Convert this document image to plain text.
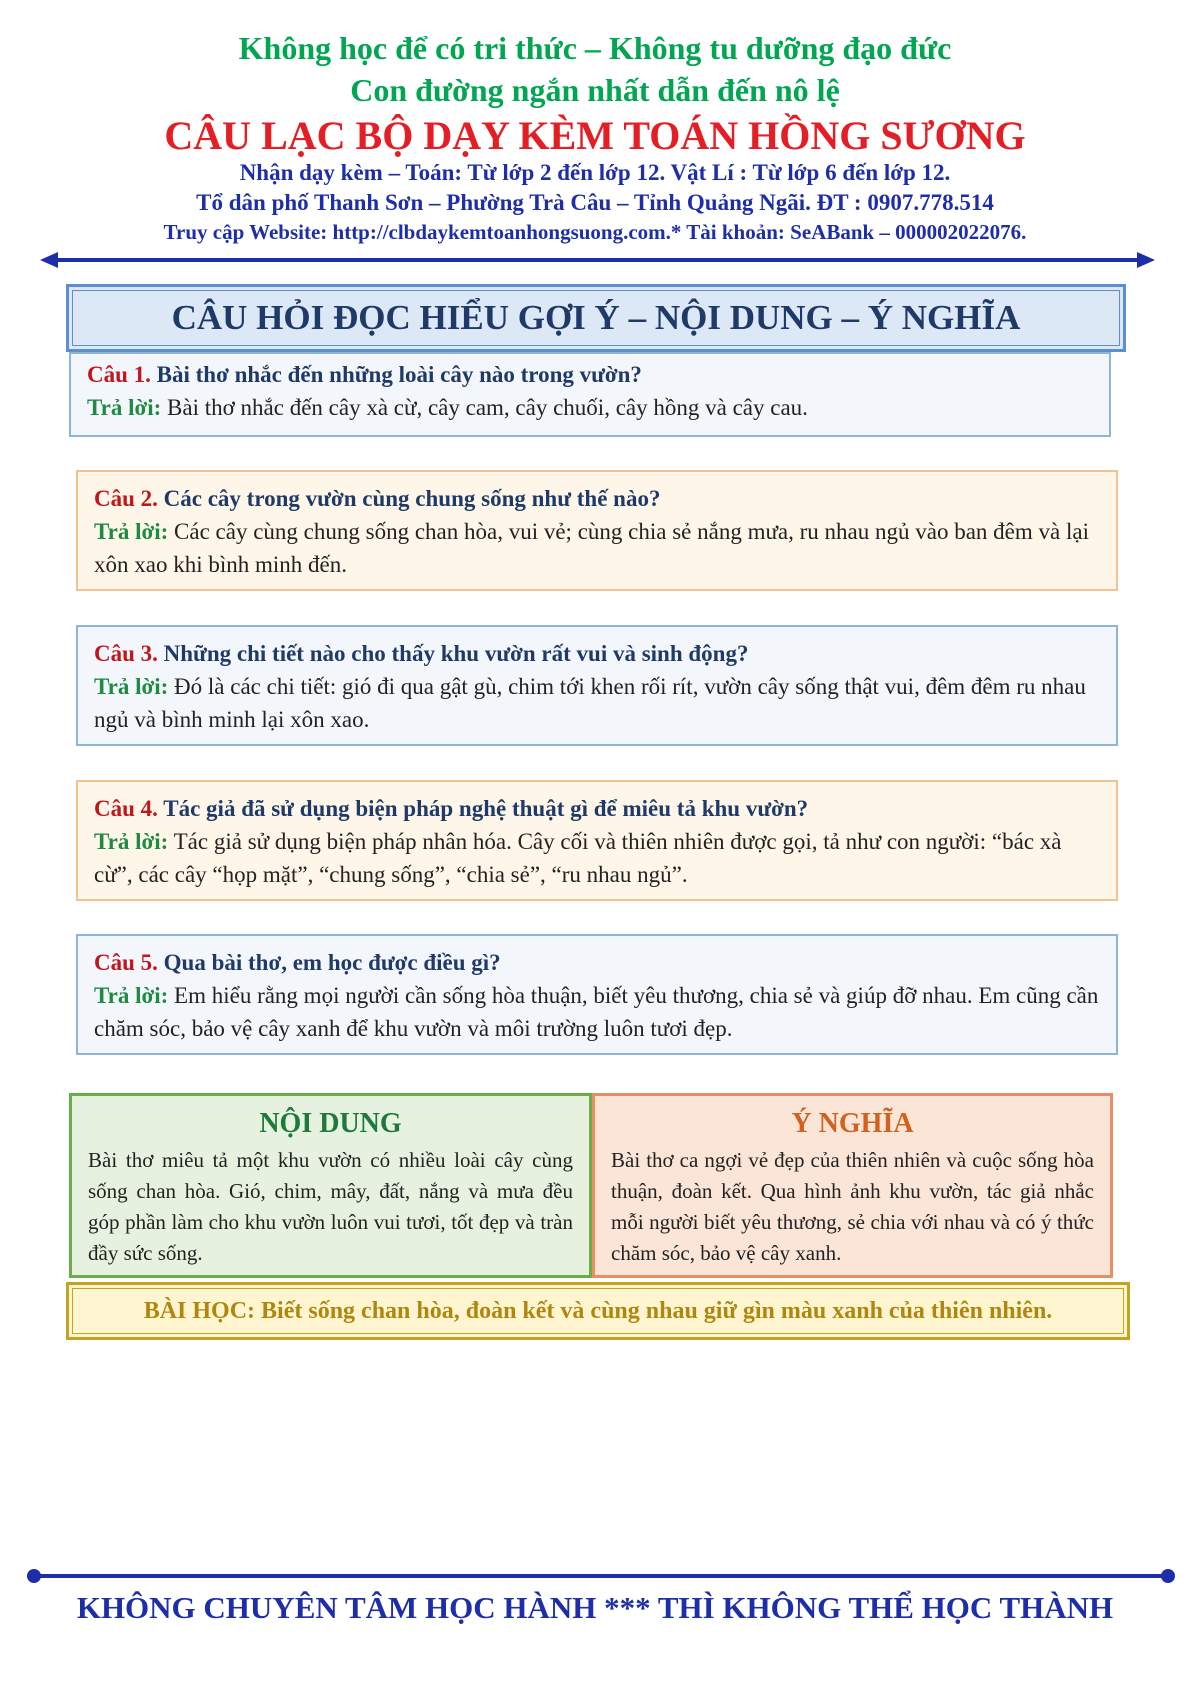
Không học để có tri thức – Không tu dưỡng đạo đức
Con đường ngắn nhất dẫn đến nô lệ
CÂU LẠC BỘ DẠY KÈM TOÁN HỒNG SƯƠNG
Nhận dạy kèm – Toán: Từ lớp 2 đến lớp 12. Vật Lí : Từ lớp 6 đến lớp 12.
Tổ dân phố Thanh Sơn – Phường Trà Câu – Tỉnh Quảng Ngãi. ĐT : 0907.778.514
Truy cập Website: http://clbdaykemtoanhongsuong.com.* Tài khoản: SeABank – 000002022076.
CÂU HỎI ĐỌC HIỂU GỢI Ý – NỘI DUNG – Ý NGHĨA
Câu 1. Bài thơ nhắc đến những loài cây nào trong vườn?
Trả lời: Bài thơ nhắc đến cây xà cừ, cây cam, cây chuối, cây hồng và cây cau.
Câu 2. Các cây trong vườn cùng chung sống như thế nào?
Trả lời: Các cây cùng chung sống chan hòa, vui vẻ; cùng chia sẻ nắng mưa, ru nhau ngủ vào ban đêm và lại xôn xao khi bình minh đến.
Câu 3. Những chi tiết nào cho thấy khu vườn rất vui và sinh động?
Trả lời: Đó là các chi tiết: gió đi qua gật gù, chim tới khen rối rít, vườn cây sống thật vui, đêm đêm ru nhau ngủ và bình minh lại xôn xao.
Câu 4. Tác giả đã sử dụng biện pháp nghệ thuật gì để miêu tả khu vườn?
Trả lời: Tác giả sử dụng biện pháp nhân hóa. Cây cối và thiên nhiên được gọi, tả như con người: “bác xà cừ”, các cây “họp mặt”, “chung sống”, “chia sẻ”, “ru nhau ngủ”.
Câu 5. Qua bài thơ, em học được điều gì?
Trả lời: Em hiểu rằng mọi người cần sống hòa thuận, biết yêu thương, chia sẻ và giúp đỡ nhau. Em cũng cần chăm sóc, bảo vệ cây xanh để khu vườn và môi trường luôn tươi đẹp.
NỘI DUNG
Bài thơ miêu tả một khu vườn có nhiều loài cây cùng sống chan hòa. Gió, chim, mây, đất, nắng và mưa đều góp phần làm cho khu vườn luôn vui tươi, tốt đẹp và tràn đầy sức sống.
Ý NGHĨA
Bài thơ ca ngợi vẻ đẹp của thiên nhiên và cuộc sống hòa thuận, đoàn kết. Qua hình ảnh khu vườn, tác giả nhắc mỗi người biết yêu thương, sẻ chia với nhau và có ý thức chăm sóc, bảo vệ cây xanh.
BÀI HỌC: Biết sống chan hòa, đoàn kết và cùng nhau giữ gìn màu xanh của thiên nhiên.
KHÔNG CHUYÊN TÂM HỌC HÀNH *** THÌ KHÔNG THỂ HỌC THÀNH
